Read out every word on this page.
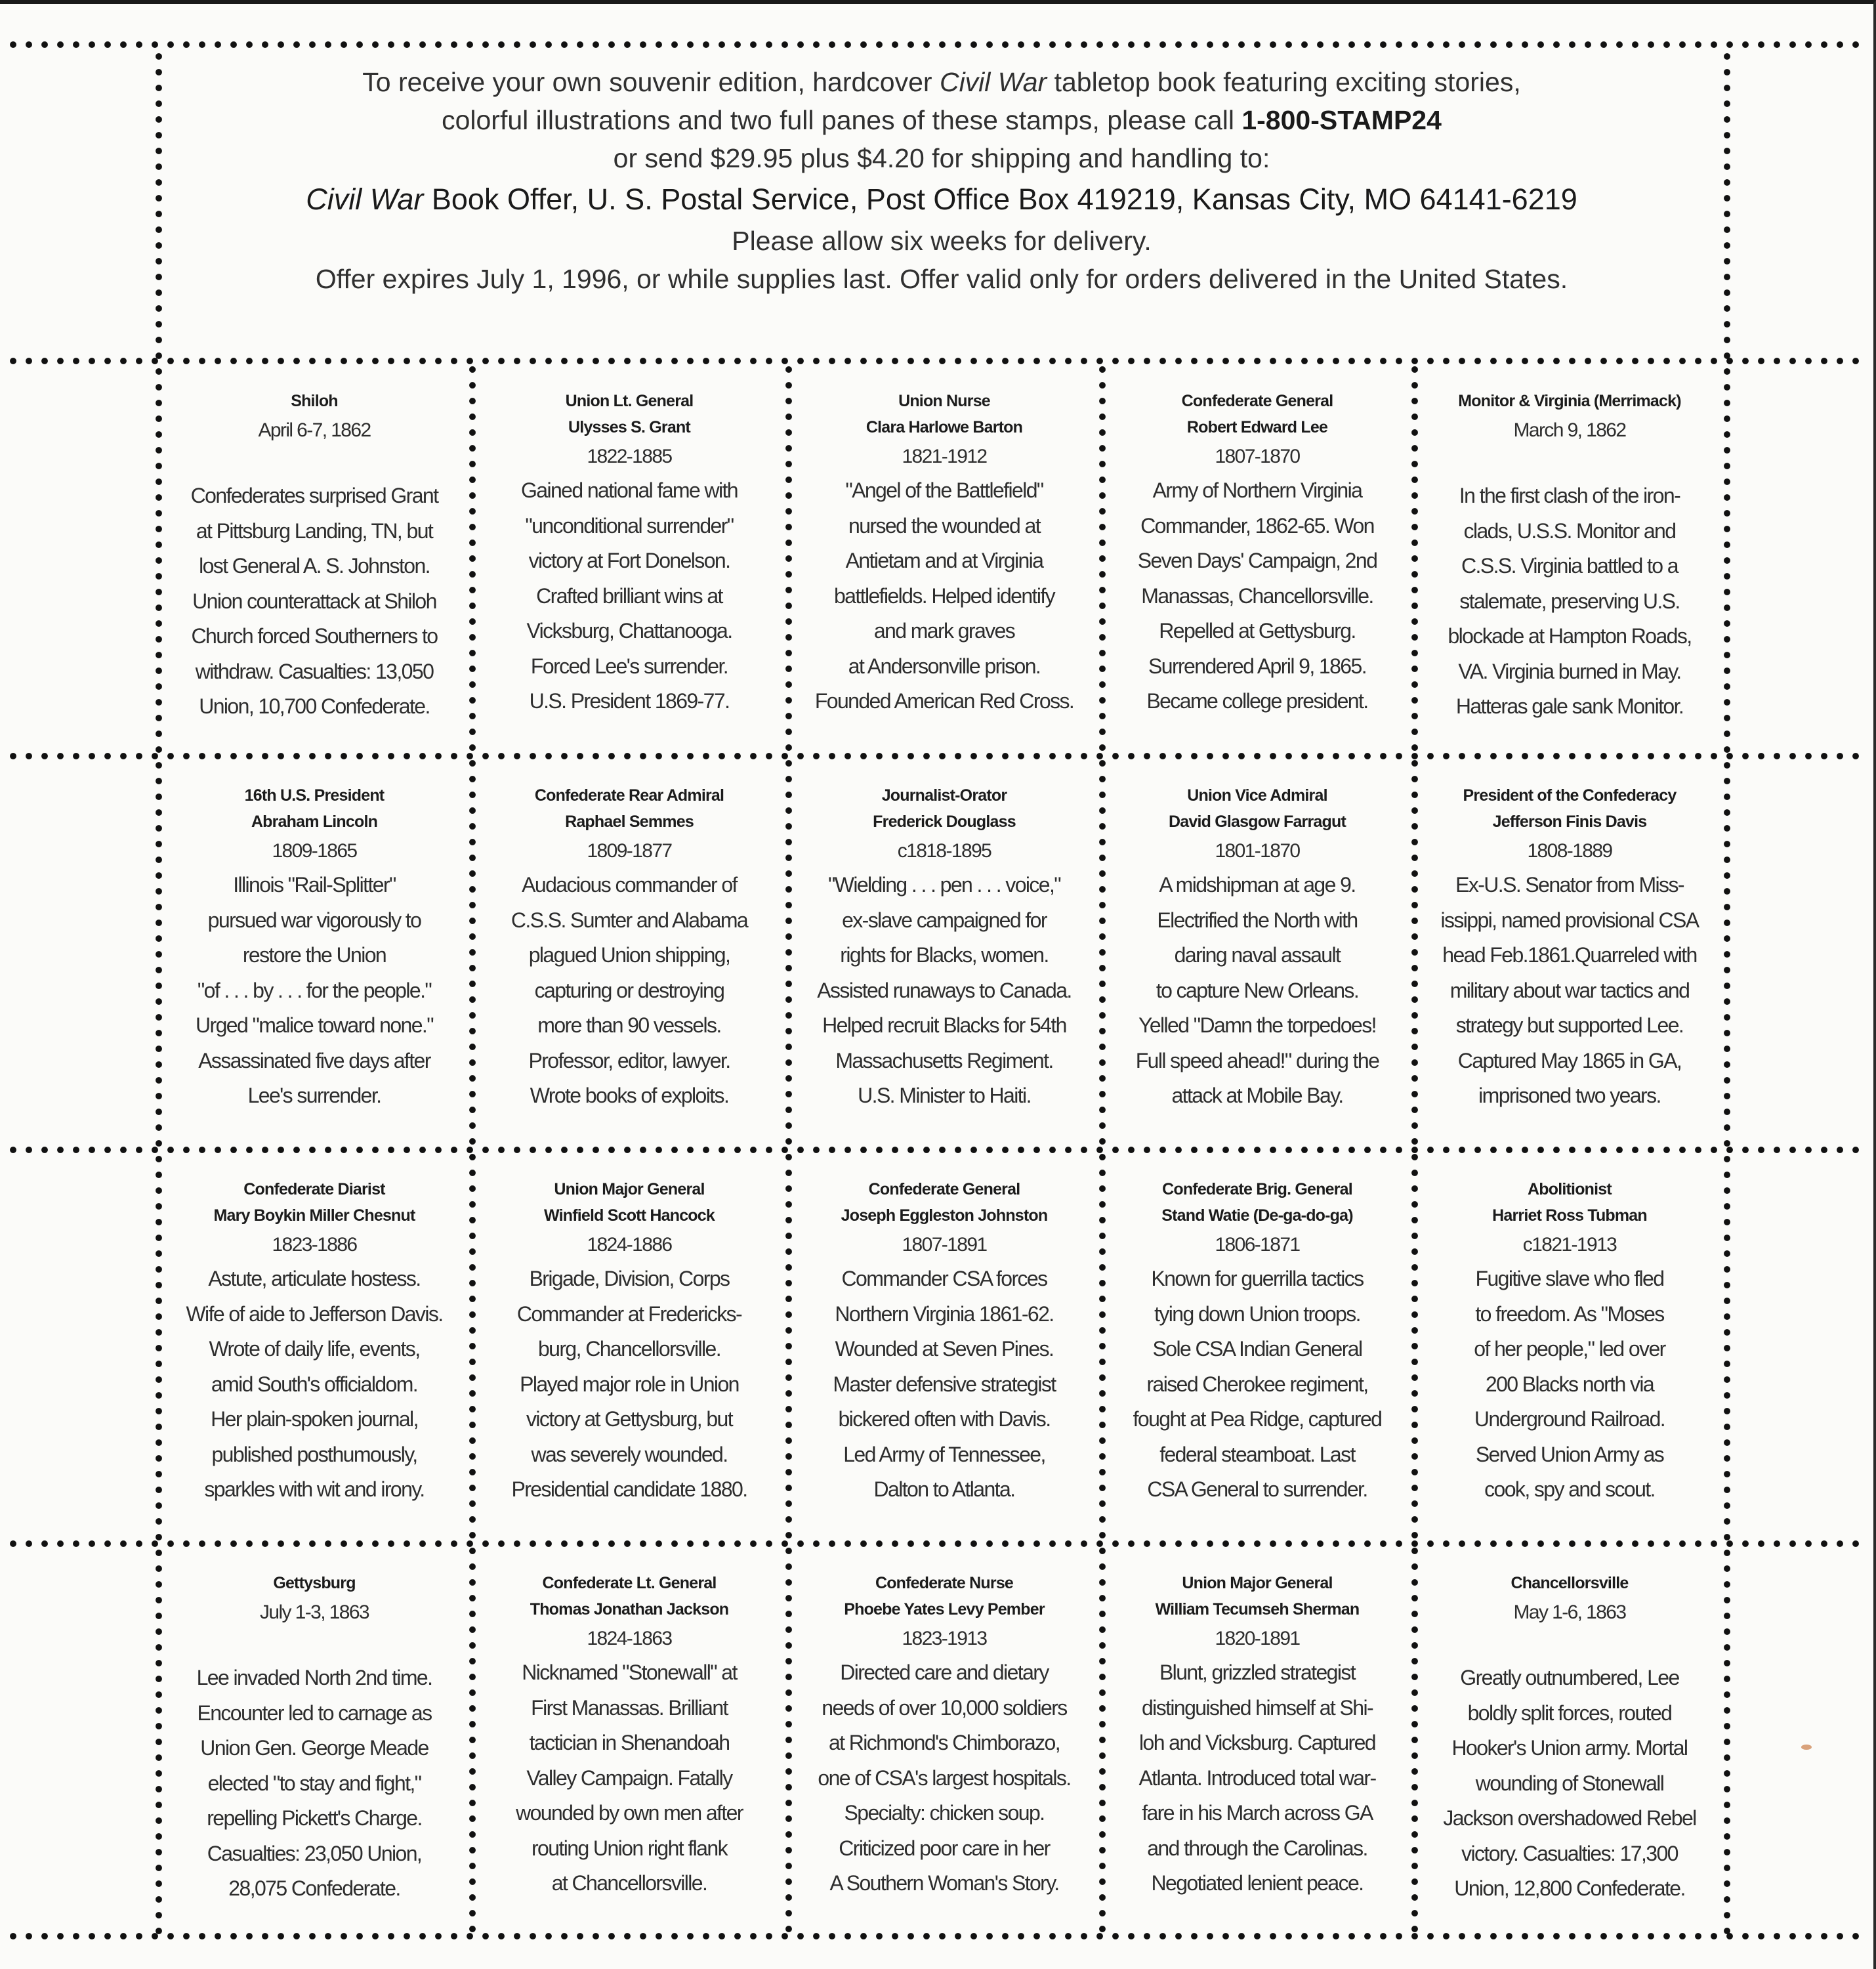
To receive your own souvenir edition, hardcover Civil War tabletop book featuring exciting stories,
colorful illustrations and two full panes of these stamps, please call 1-800-STAMP24
or send $29.95 plus $4.20 for shipping and handling to:
Civil War Book Offer, U. S. Postal Service, Post Office Box 419219, Kansas City, MO 64141-6219
Please allow six weeks for delivery.
Offer expires July 1, 1996, or while supplies last. Offer valid only for orders delivered in the United States.
Shiloh
April 6-7, 1862
Confederates surprised Grant
at Pittsburg Landing, TN, but
lost General A. S. Johnston.
Union counterattack at Shiloh
Church forced Southerners to
withdraw. Casualties: 13,050
Union, 10,700 Confederate.
Union Lt. General
Ulysses S. Grant
1822-1885
Gained national fame with
"unconditional surrender"
victory at Fort Donelson.
Crafted brilliant wins at
Vicksburg, Chattanooga.
Forced Lee's surrender.
U.S. President 1869-77.
Union Nurse
Clara Harlowe Barton
1821-1912
"Angel of the Battlefield"
nursed the wounded at
Antietam and at Virginia
battlefields. Helped identify
and mark graves
at Andersonville prison.
Founded American Red Cross.
Confederate General
Robert Edward Lee
1807-1870
Army of Northern Virginia
Commander, 1862-65. Won
Seven Days' Campaign, 2nd
Manassas, Chancellorsville.
Repelled at Gettysburg.
Surrendered April 9, 1865.
Became college president.
Monitor & Virginia (Merrimack)
March 9, 1862
In the first clash of the iron-
clads, U.S.S. Monitor and
C.S.S. Virginia battled to a
stalemate, preserving U.S.
blockade at Hampton Roads,
VA. Virginia burned in May.
Hatteras gale sank Monitor.
16th U.S. President
Abraham Lincoln
1809-1865
Illinois "Rail-Splitter"
pursued war vigorously to
restore the Union
"of . . . by . . . for the people."
Urged "malice toward none."
Assassinated five days after
Lee's surrender.
Confederate Rear Admiral
Raphael Semmes
1809-1877
Audacious commander of
C.S.S. Sumter and Alabama
plagued Union shipping,
capturing or destroying
more than 90 vessels.
Professor, editor, lawyer.
Wrote books of exploits.
Journalist-Orator
Frederick Douglass
c1818-1895
"Wielding . . . pen . . . voice,"
ex-slave campaigned for
rights for Blacks, women.
Assisted runaways to Canada.
Helped recruit Blacks for 54th
Massachusetts Regiment.
U.S. Minister to Haiti.
Union Vice Admiral
David Glasgow Farragut
1801-1870
A midshipman at age 9.
Electrified the North with
daring naval assault
to capture New Orleans.
Yelled "Damn the torpedoes!
Full speed ahead!" during the
attack at Mobile Bay.
President of the Confederacy
Jefferson Finis Davis
1808-1889
Ex-U.S. Senator from Miss-
issippi, named provisional CSA
head Feb.1861.Quarreled with
military about war tactics and
strategy but supported Lee.
Captured May 1865 in GA,
imprisoned two years.
Confederate Diarist
Mary Boykin Miller Chesnut
1823-1886
Astute, articulate hostess.
Wife of aide to Jefferson Davis.
Wrote of daily life, events,
amid South's officialdom.
Her plain-spoken journal,
published posthumously,
sparkles with wit and irony.
Union Major General
Winfield Scott Hancock
1824-1886
Brigade, Division, Corps
Commander at Fredericks-
burg, Chancellorsville.
Played major role in Union
victory at Gettysburg, but
was severely wounded.
Presidential candidate 1880.
Confederate General
Joseph Eggleston Johnston
1807-1891
Commander CSA forces
Northern Virginia 1861-62.
Wounded at Seven Pines.
Master defensive strategist
bickered often with Davis.
Led Army of Tennessee,
Dalton to Atlanta.
Confederate Brig. General
Stand Watie (De-ga-do-ga)
1806-1871
Known for guerrilla tactics
tying down Union troops.
Sole CSA Indian General
raised Cherokee regiment,
fought at Pea Ridge, captured
federal steamboat. Last
CSA General to surrender.
Abolitionist
Harriet Ross Tubman
c1821-1913
Fugitive slave who fled
to freedom. As "Moses
of her people," led over
200 Blacks north via
Underground Railroad.
Served Union Army as
cook, spy and scout.
Gettysburg
July 1-3, 1863
Lee invaded North 2nd time.
Encounter led to carnage as
Union Gen. George Meade
elected "to stay and fight,"
repelling Pickett's Charge.
Casualties: 23,050 Union,
28,075 Confederate.
Confederate Lt. General
Thomas Jonathan Jackson
1824-1863
Nicknamed "Stonewall" at
First Manassas. Brilliant
tactician in Shenandoah
Valley Campaign. Fatally
wounded by own men after
routing Union right flank
at Chancellorsville.
Confederate Nurse
Phoebe Yates Levy Pember
1823-1913
Directed care and dietary
needs of over 10,000 soldiers
at Richmond's Chimborazo,
one of CSA's largest hospitals.
Specialty: chicken soup.
Criticized poor care in her
A Southern Woman's Story.
Union Major General
William Tecumseh Sherman
1820-1891
Blunt, grizzled strategist
distinguished himself at Shi-
loh and Vicksburg. Captured
Atlanta. Introduced total war-
fare in his March across GA
and through the Carolinas.
Negotiated lenient peace.
Chancellorsville
May 1-6, 1863
Greatly outnumbered, Lee
boldly split forces, routed
Hooker's Union army. Mortal
wounding of Stonewall
Jackson overshadowed Rebel
victory. Casualties: 17,300
Union, 12,800 Confederate.
